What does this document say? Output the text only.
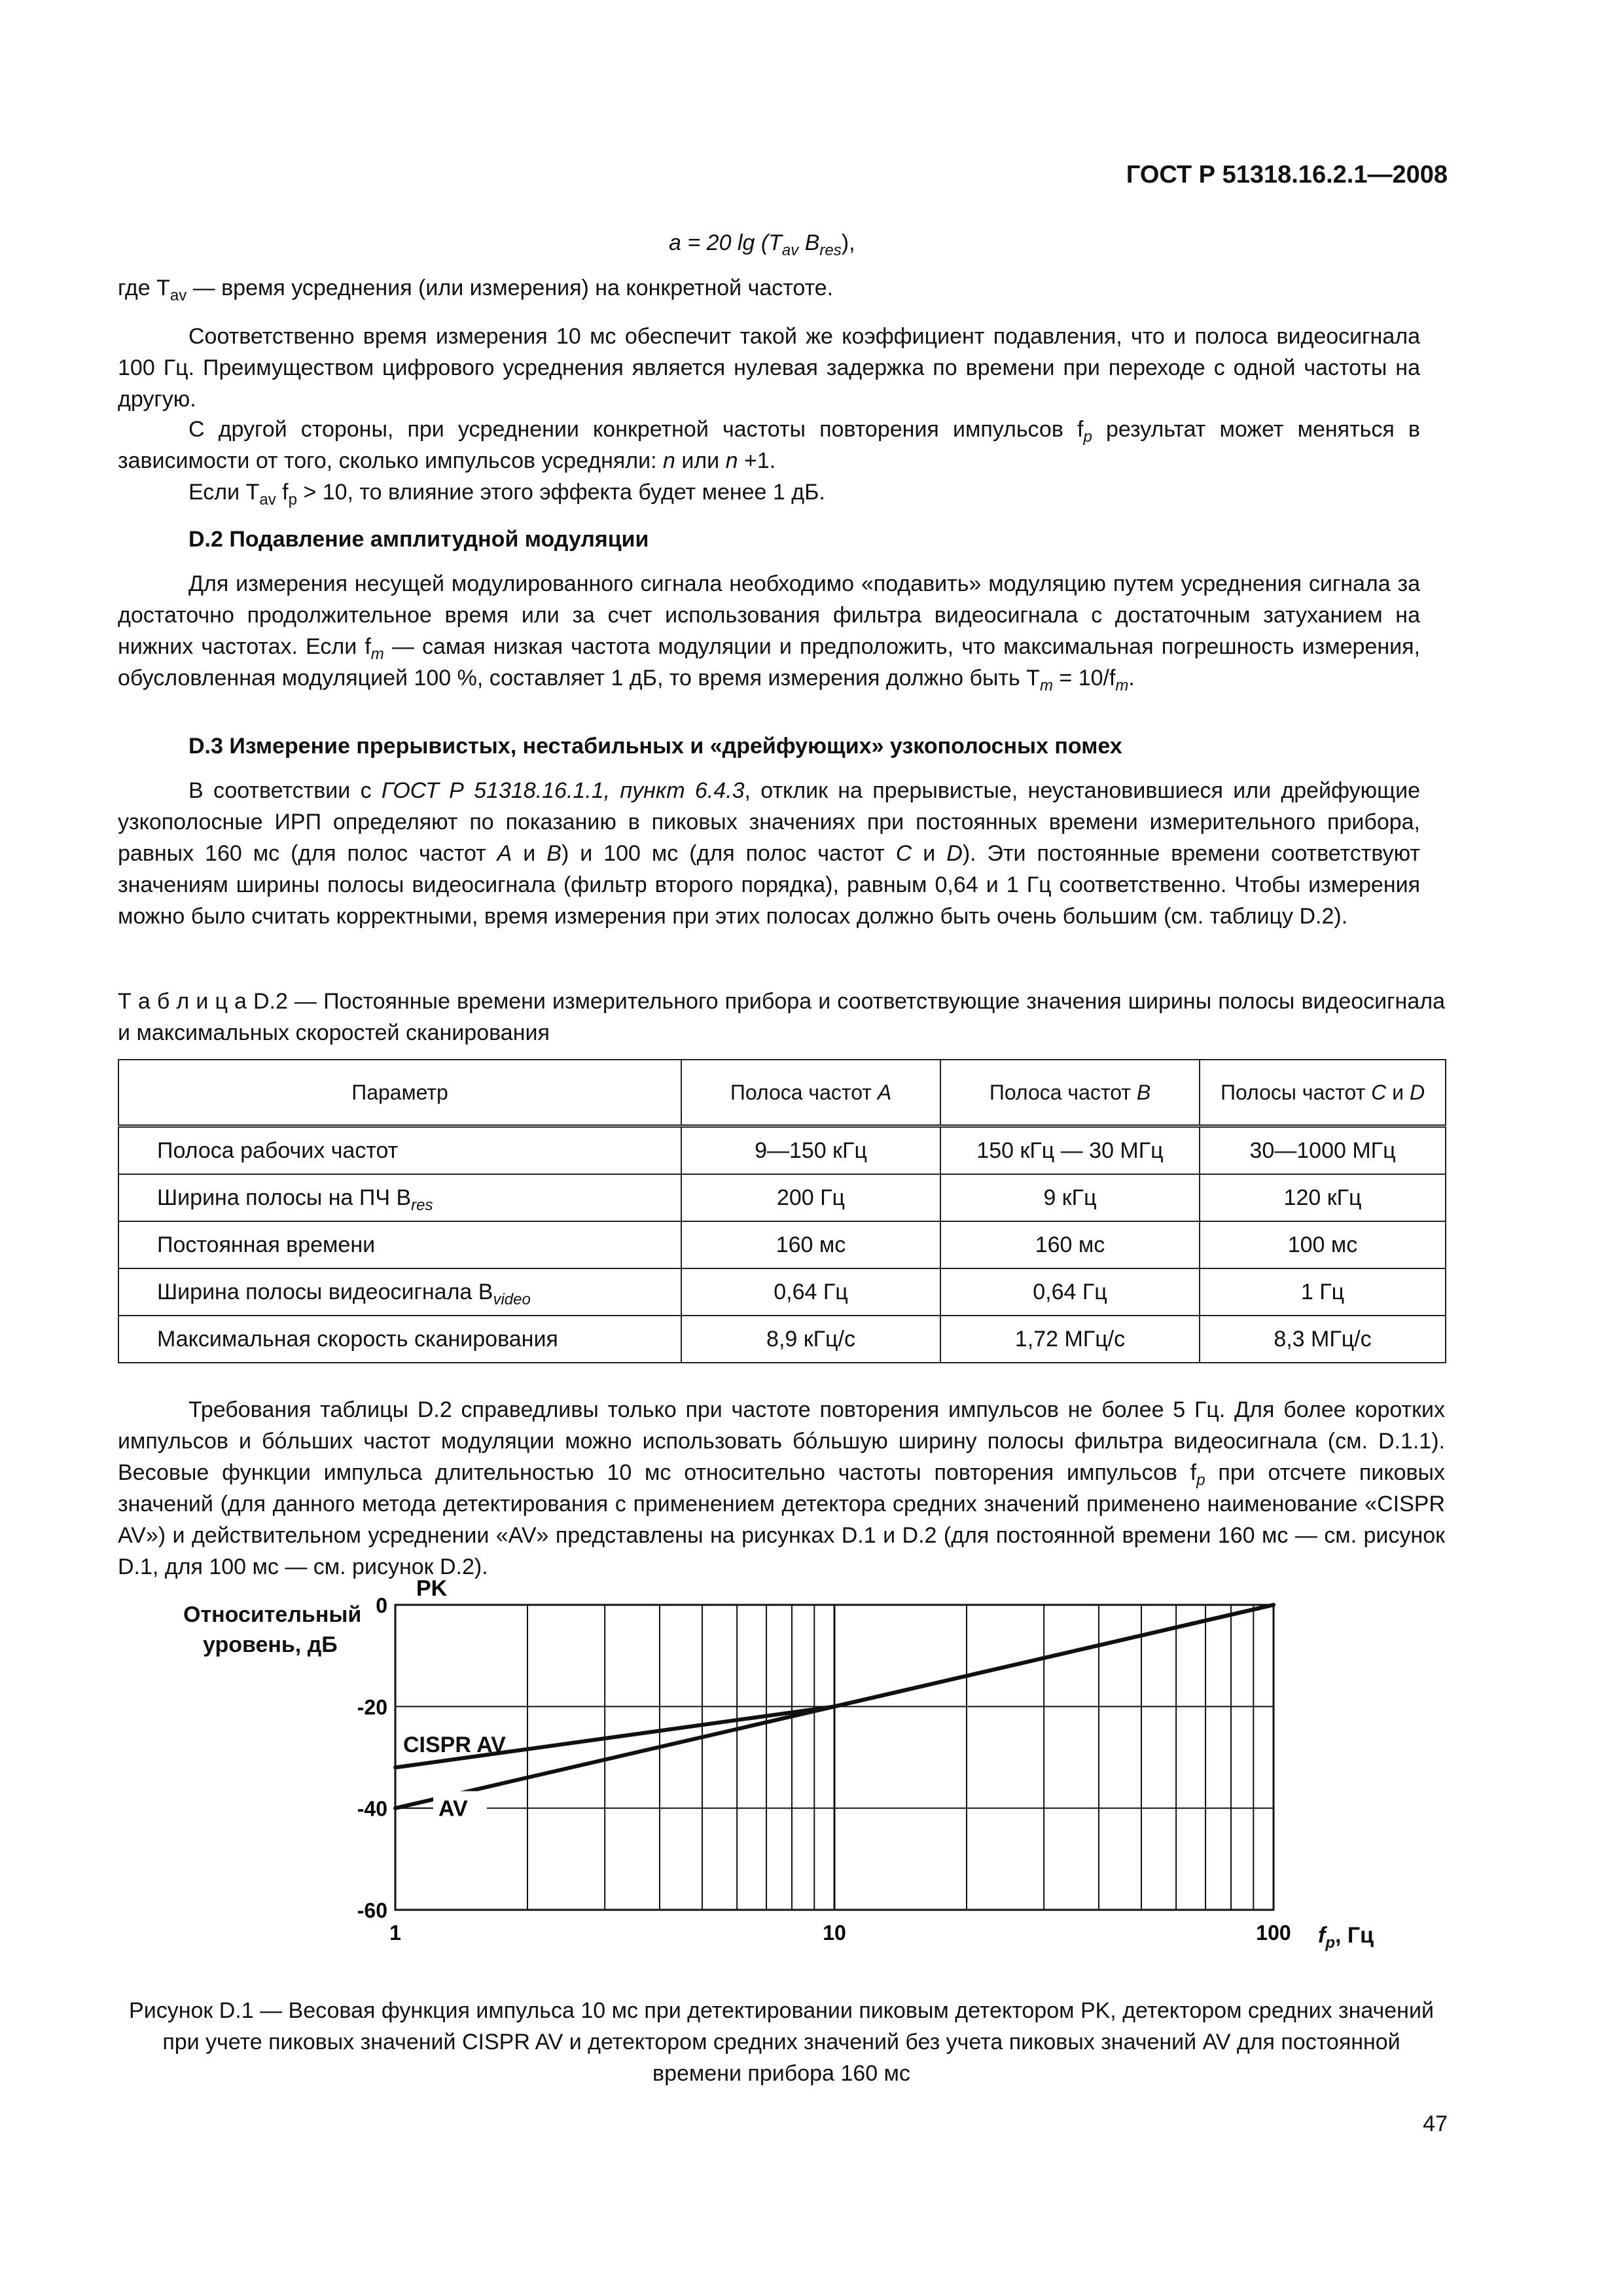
ГОСТ Р 51318.16.2.1—2008
a = 20 $\lg (T_{av}$ $B_{res}$),

где $T_{av}$ — время усреднения (или измерения) на конкретной частоте.

Соответственно время измерения 10 мс обеспечит такой же коэффициент подавления, что и полоса видеосигнала 100 Гц. Преимуществом цифрового усреднения является нулевая задержка по времени при переходе с одной частоты на другую.

С другой стороны, при усреднении конкретной частоты повторения импульсов $f_p$ результат может меняться в зависимости от того, сколько импульсов усредняли: n или n +1.

Если $T_{av}$ $f_p > 10$, то влияние этого эффекта будет менее 1 дБ.

D.2 Подавление амплитудной модуляции

Для измерения несущей модулированного сигнала необходимо «подавить» модуляцию путем усреднения сигнала за достаточно продолжительное время или за счет использования фильтра видеосигнала с достаточным затуханием на нижних частотах. Если $f_m$ — самая низкая частота модуляции и предположить, что максимальная погрешность измерения, обусловленная модуляцией 100 %, составляет 1 дБ, то время измерения должно быть $T_m = 10/f_m$.

D.3 Измерение прерывистых, нестабильных и «дрейфующих» узкополосных помех

В соответствии с ГОСТ Р 51318.16.1.1, пункт 6.4.3, отклик на прерывистые, неустановившиеся или дрейфующие узкополосные ИРП определяют по показанию в пиковых значениях при постоянных времени измерительного прибора, равных 160 мс (для полос частот A и B) и 100 мс (для полос частот C и D). Эти постоянные времени соответствуют значениям ширины полосы видеосигнала (фильтр второго порядка), равным 0,64 и 1 Гц соответственно. Чтобы измерения можно было считать корректными, время измерения при этих полосах должно быть очень большим (см. таблицу D.2).

Т а б л и ц а D.2 — Постоянные времени измерительного прибора и соответствующие значения ширины полосы видеосигнала и максимальных скоростей сканирования

Параметр	Полоса частот A	Полоса частот B	Полосы частот C и D
Полоса рабочих частот	9—150 кГц	150 кГц — 30 МГц	30—1000 МГц
Ширина полосы на ПЧ $B_{res}$	200 Гц	9 кГц	120 кГц
Постоянная времени	160 мс	160 мс	100 мс
Ширина полосы видеосигнала $B_{video}$	0,64 Гц	0,64 Гц	1 Гц
Максимальная скорость сканирования	8,9 кГц/с	1,72 МГц/с	8,3 МГц/с

Требования таблицы D.2 справедливы только при частоте повторения импульсов не более 5 Гц. Для более коротких импульсов и бóльших частот модуляции можно использовать бóльшую ширину полосы фильтра видеосигнала (см. D.1.1). Весовые функции импульса длительностью 10 мс относительно частоты повторения импульсов $f_p$ при отсчете пиковых значений (для данного метода детектирования с применением детектора средних значений применено наименование «CISPR AV») и действительном усреднении «AV» представлены на рисунках D.1 и D.2 (для постоянной времени 160 мс — см. рисунок D.1, для 100 мс — см. рисунок D.2).

Относительный
уровень, дБ
0
-20
-40
-60
1	10	100
PK
CISPR AV
AV
$f_p$, Гц

Рисунок D.1 — Весовая функция импульса 10 мс при детектировании пиковым детектором PK, детектором средних значений при учете пиковых значений CISPR AV и детектором средних значений без учета пиковых значений AV для постоянной времени прибора 160 мс

47
